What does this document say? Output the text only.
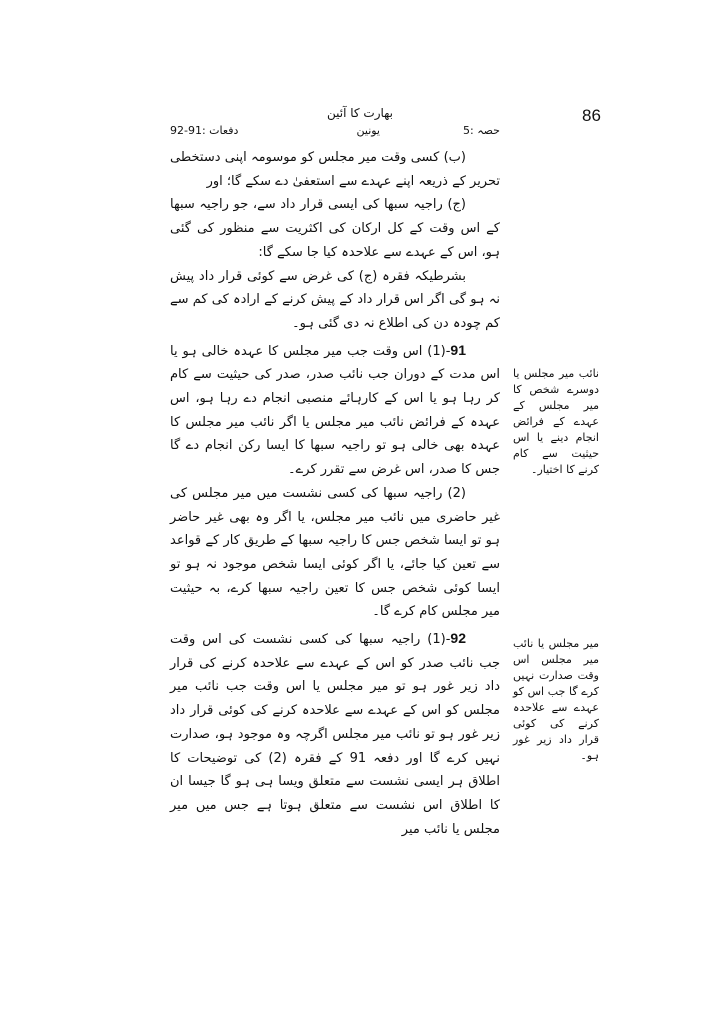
86
بھارت کا آئین
حصہ :5
یونین
دفعات :91-92

(ب) کسی وقت میر مجلس کو موسومہ اپنی دستخطی تحریر کے ذریعہ اپنے عہدے سے استعفیٰ دے سکے گا؛ اور

(ج) راجیہ سبھا کی ایسی قرار داد سے، جو راجیہ سبھا کے اس وقت کے کل ارکان کی اکثریت سے منظور کی گئی ہو، اس کے عہدے سے علاحدہ کیا جا سکے گا:

بشرطیکہ فقرہ (ج) کی غرض سے کوئی قرار داد پیش نہ ہو گی اگر اس قرار داد کے پیش کرنے کے ارادہ کی کم سے کم چودہ دن کی اطلاع نہ دی گئی ہو۔

91-(1) اس وقت جب میر مجلس کا عہدہ خالی ہو یا اس مدت کے دوران جب نائب صدر، صدر کی حیثیت سے کام کر رہا ہو یا اس کے کارہائے منصبی انجام دے رہا ہو، اس عہدہ کے فرائض نائب میر مجلس یا اگر نائب میر مجلس کا عہدہ بھی خالی ہو تو راجیہ سبھا کا ایسا رکن انجام دے گا جس کا صدر، اس غرض سے تقرر کرے۔

(2) راجیہ سبھا کی کسی نشست میں میر مجلس کی غیر حاضری میں نائب میر مجلس، یا اگر وہ بھی غیر حاضر ہو تو ایسا شخص جس کا راجیہ سبھا کے طریق کار کے قواعد سے تعین کیا جائے، یا اگر کوئی ایسا شخص موجود نہ ہو تو ایسا کوئی شخص جس کا تعین راجیہ سبھا کرے، بہ حیثیت میر مجلس کام کرے گا۔

92-(1) راجیہ سبھا کی کسی نشست کی اس وقت جب نائب صدر کو اس کے عہدے سے علاحدہ کرنے کی قرار داد زیر غور ہو تو میر مجلس یا اس وقت جب نائب میر مجلس کو اس کے عہدے سے علاحدہ کرنے کی کوئی قرار داد زیر غور ہو تو نائب میر مجلس اگرچہ وہ موجود ہو، صدارت نہیں کرے گا اور دفعہ 91 کے فقرہ (2) کی توضیحات کا اطلاق ہر ایسی نشست سے متعلق ویسا ہی ہو گا جیسا ان کا اطلاق اس نشست سے متعلق ہوتا ہے جس میں میر مجلس یا نائب میر

نائب میر مجلس یا دوسرے شخص کا میر مجلس کے عہدے کے فرائض انجام دینے یا اس حیثیت سے کام کرنے کا اختیار۔
میر مجلس یا نائب میر مجلس اس وقت صدارت نہیں کرے گا جب اس کو عہدے سے علاحدہ کرنے کی کوئی قرار داد زیر غور ہو۔
